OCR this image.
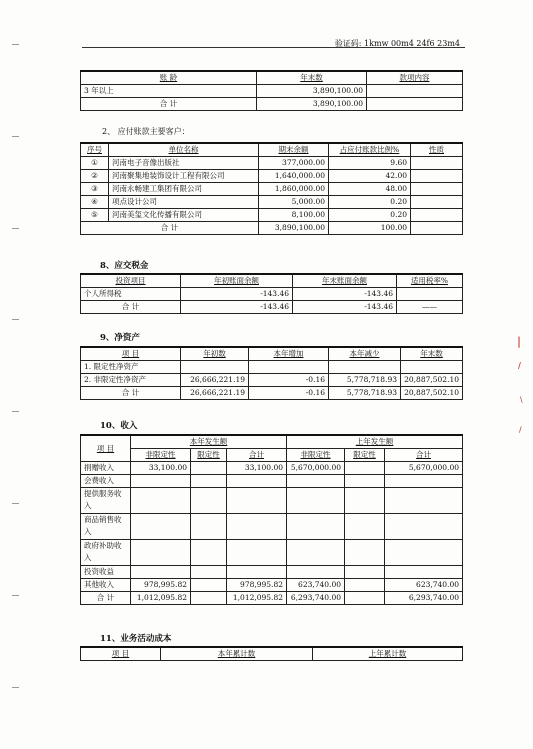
验证码: 1kmw 00m4 24f6 23m4
|
/
\
/
账 龄	年末数	款项内容
3 年以上	3,890,100.00	
合 计	3,890,100.00	
2、 应付账款主要客户：
序号	单位名称	期末余额	占应付账款比例%	性质
①	河南电子音像出版社	377,000.00	9.60	
②	河南聚集地装饰设计工程有限公司	1,640,000.00	42.00	
③	河南永畅建工集团有限公司	1,860,000.00	48.00	
④	项点设计公司	5,000.00	0.20	
⑤	河南美玺文化传播有限公司	8,100.00	0.20	
合 计		3,890,100.00	100.00	
8、应交税金
投资项目	年初账面余额	年末账面余额	适用税率%
个人所得税	-143.46	-143.46	
合 计	-143.46	-143.46	——
9、净资产
项 目	年初数	本年增加	本年减少	年末数
1. 限定性净资产				
2. 非限定性净资产	26,666,221.19	-0.16	5,778,718.93	20,887,502.10
合 计	26,666,221.19	-0.16	5,778,718.93	20,887,502.10
10、收入
项 目	本年发生额			上年发生额		
	非限定性	限定性	合计	非限定性	限定性	合计
捐赠收入	33,100.00		33,100.00	5,670,000.00		5,670,000.00
会费收入						
提供服务收入						
商品销售收入						
政府补助收入						
投资收益						
其他收入	978,995.82		978,995.82	623,740.00		623,740.00
合 计	1,012,095.82		1,012,095.82	6,293,740.00		6,293,740.00
11、业务活动成本
项 目	本年累计数	上年累计数
